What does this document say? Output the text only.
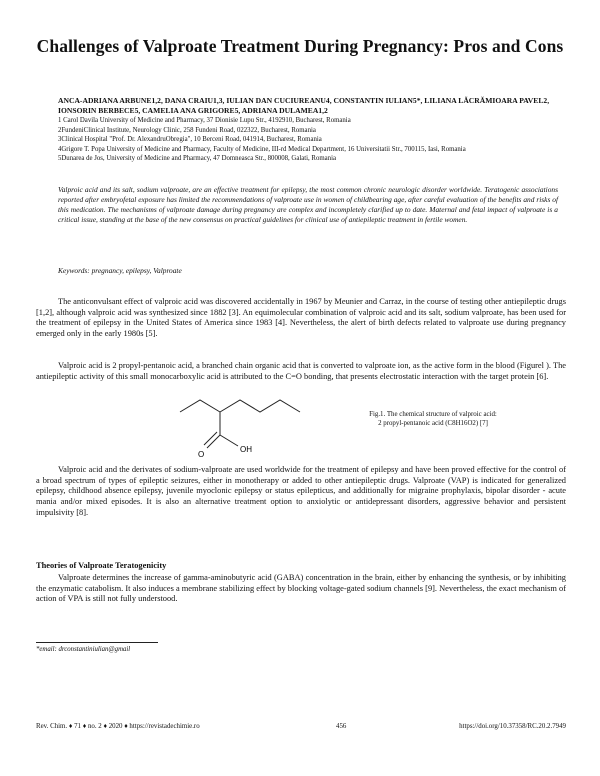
Challenges of Valproate Treatment During Pregnancy: Pros and Cons
ANCA-ADRIANA ARBUNE1,2, DANA CRAIU1,3, IULIAN DAN CUCIUREANU4, CONSTANTIN IULIAN5*, LILIANA LĂCRĂMIOARA PAVEL2, IONSORIN BERBECE5, CAMELIA ANA GRIGORE5, ADRIANA DULAMEA1,2
1 Carol Davila University of Medicine and Pharmacy, 37 Dionisie Lupu Str., 4192910, Bucharest, Romania
2FundeniClinical Institute, Neurology Clinic, 258 Fundeni Road, 022322, Bucharest, Romania
3Clinical Hospital "Prof. Dr. AlexandruObregia", 10 Berceni Road, 041914, Bucharest, Romania
4Grigore T. Popa University of Medicine and Pharmacy, Faculty of Medicine, III-rd Medical Department, 16 Universitatii Str., 700115, Iasi, Romania
5Dunarea de Jos, University of Medicine and Pharmacy, 47 Domneasca Str., 800008, Galati, Romania
Valproic acid and its salt, sodium valproate, are an effective treatment for epilepsy, the most common chronic neurologic disorder worldwide. Teratogenic associations reported after embryofetal exposure has limited the recommendations of valproate use in women of childbearing age, after careful evaluation of the benefits and risks of this medication. The mechanisms of valproate damage during pregnancy are complex and incompletely clarified up to date. Maternal and fetal impact of valproate is a critical issue, standing at the base of the new consensus on practical guidelines for clinical use of antiepileptic treatment in fertile women.
Keywords: pregnancy, epilepsy, Valproate

The anticonvulsant effect of valproic acid was discovered accidentally in 1967 by Meunier and Carraz, in the course of testing other antiepileptic drugs [1,2], although valproic acid was synthesized since 1882 [3]. An equimolecular combination of valproic acid and its salt, sodium valproate, has been used for the treatment of epilepsy in the United States of America since 1983 [4]. Nevertheless, the alert of birth defects related to valproate use during pregnancy emerged only in the early 1980s [5].

Valproic acid is 2 propyl-pentanoic acid, a branched chain organic acid that is converted to valproate ion, as the active form in the blood (Figurel ). The antiepileptic activity of this small monocarboxylic acid is attributed to the C=O bonding, that presents electrostatic interaction with the target protein [6].

O
OH
Fig.1. The chemical structure of valproic acid: 2 propyl-pentanoic acid (C8H16O2) [7]

Valproic acid and the derivates of sodium-valproate are used worldwide for the treatment of epilepsy and have been proved effective for the control of a broad spectrum of types of epileptic seizures, either in monotherapy or added to other antiepileptic drugs. Valproate (VAP) is indicated for generalized epilepsy, childhood absence epilepsy, juvenile myoclonic epilepsy or status epilepticus, and additionally for migraine prophylaxis, bipolar disorder - acute mania and/or mixed episodes. It is also an alternative treatment option to anxiolytic or antidepressant disorders, aggressive behavior and persistent impulsivity [8].

Theories of Valproate Teratogenicity

Valproate determines the increase of gamma-aminobutyric acid (GABA) concentration in the brain, either by enhancing the synthesis, or by inhibiting the enzymatic catabolism. It also induces a membrane stabilizing effect by blocking voltage-gated sodium channels [9]. Nevertheless, the exact mechanism of action of VPA is still not fully understood.

*email: drconstantiniulian@gmail
Rev. Chim. ♦ 71 ♦ no. 2 ♦ 2020 ♦ https://revistadechimie.ro	456	https://doi.org/10.37358/RC.20.2.7949
